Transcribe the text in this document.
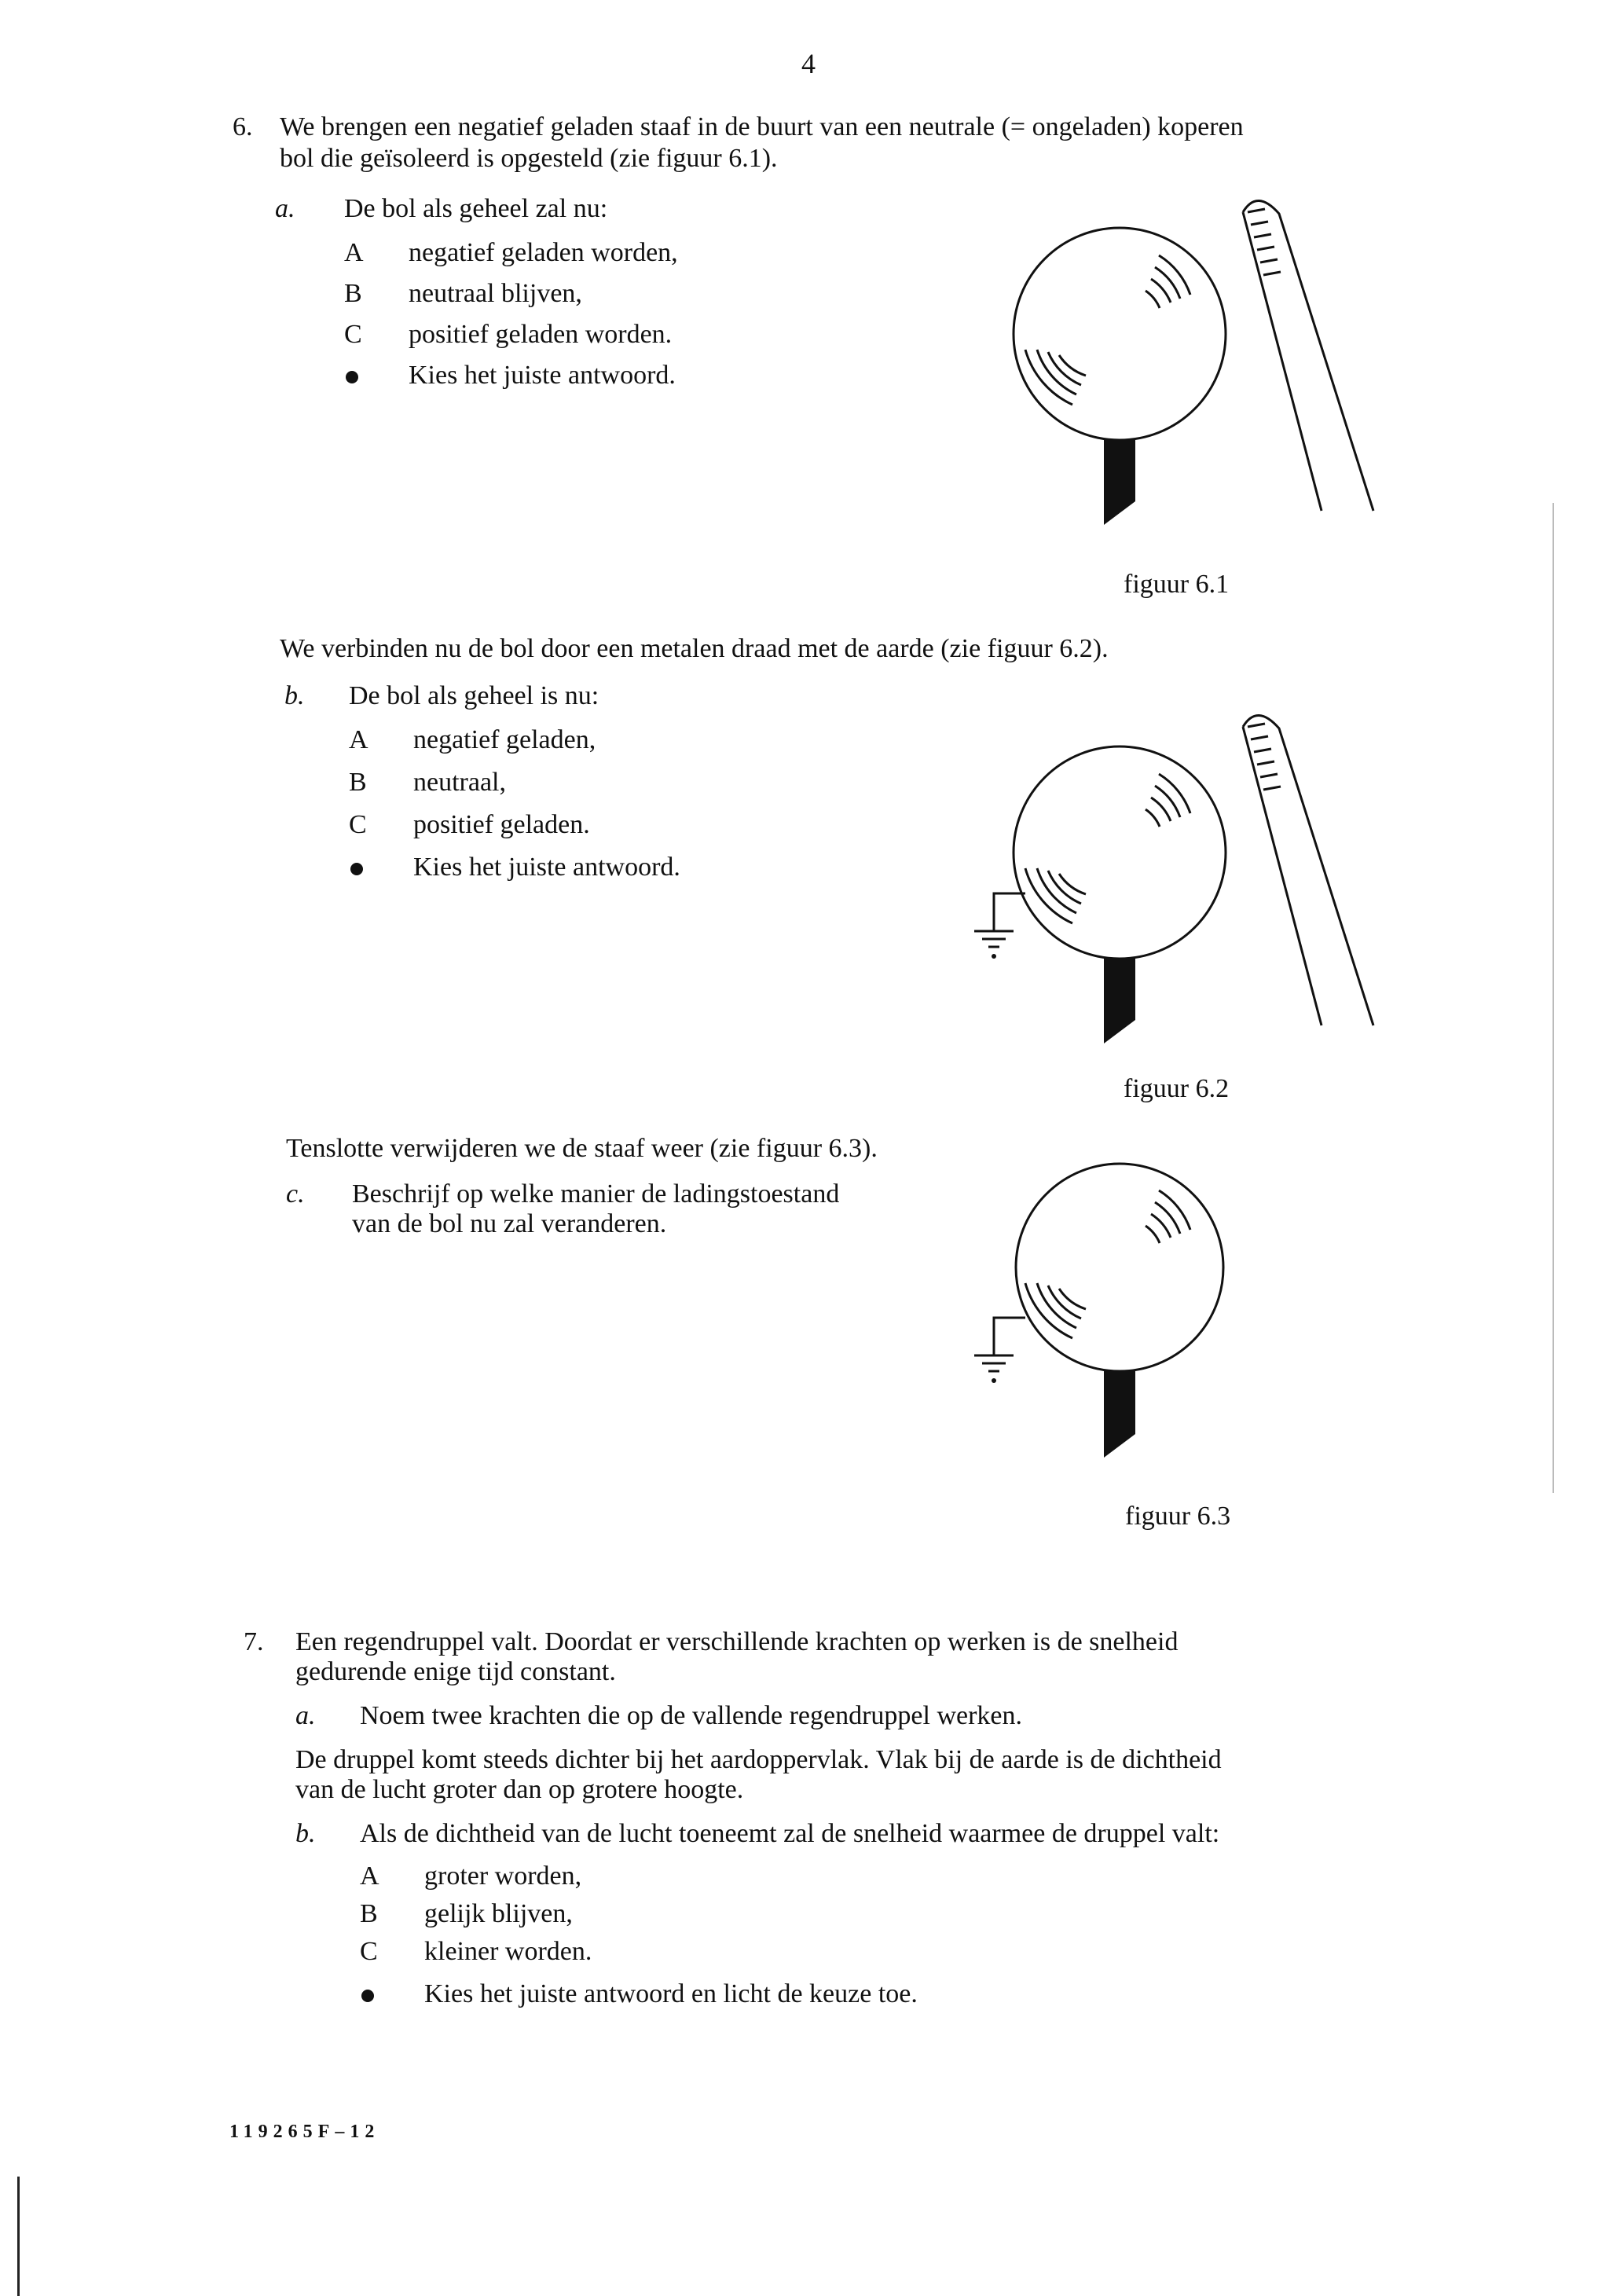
4
6. We brengen een negatief geladen staaf in de buurt van een neutrale (= ongeladen) koperen
bol die geïsoleerd is opgesteld (zie figuur 6.1).
a. De bol als geheel zal nu:
A negatief geladen worden,
B neutraal blijven,
C positief geladen worden.
Kies het juiste antwoord.
figuur 6.1
We verbinden nu de bol door een metalen draad met de aarde (zie figuur 6.2).
b. De bol als geheel is nu:
A negatief geladen,
B neutraal,
C positief geladen.
Kies het juiste antwoord.
figuur 6.2
Tenslotte verwijderen we de staaf weer (zie figuur 6.3).
c. Beschrijf op welke manier de ladingstoestand
van de bol nu zal veranderen.
figuur 6.3
7. Een regendruppel valt. Doordat er verschillende krachten op werken is de snelheid
gedurende enige tijd constant.
a. Noem twee krachten die op de vallende regendruppel werken.
De druppel komt steeds dichter bij het aardoppervlak. Vlak bij de aarde is de dichtheid
van de lucht groter dan op grotere hoogte.
b. Als de dichtheid van de lucht toeneemt zal de snelheid waarmee de druppel valt:
A groter worden,
B gelijk blijven,
C kleiner worden.
Kies het juiste antwoord en licht de keuze toe.
119265F–12
